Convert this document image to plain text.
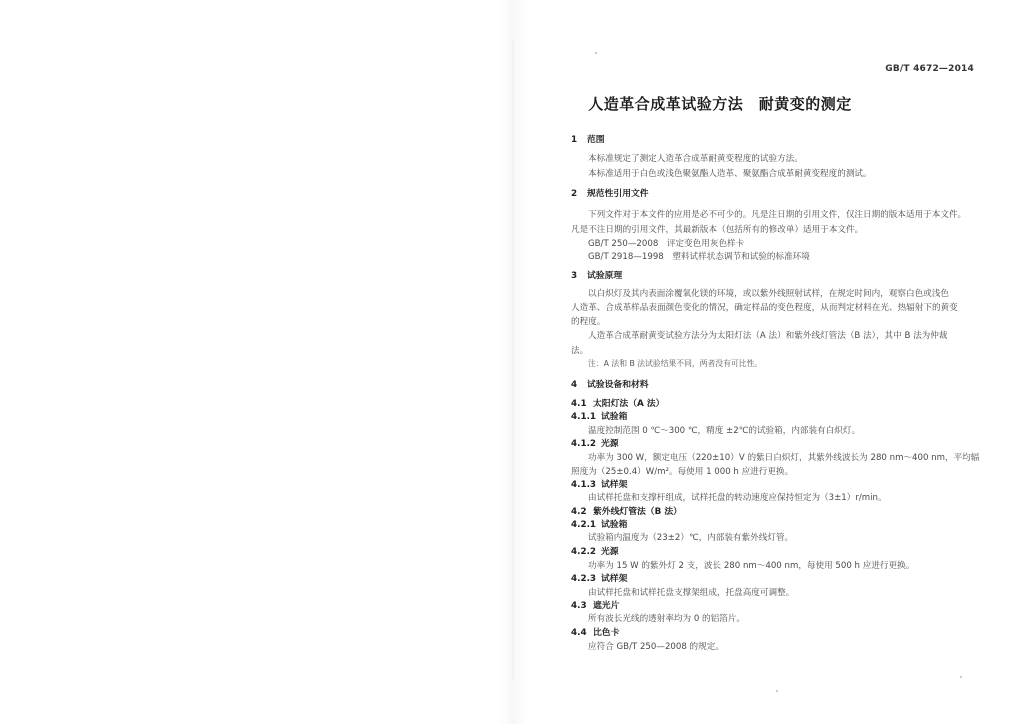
GB/T 4672—2014
人造革合成革试验方法　耐黄变的测定
1 范围
本标准规定了测定人造革合成革耐黄变程度的试验方法。
本标准适用于白色或浅色聚氨酯人造革、聚氨酯合成革耐黄变程度的测试。
2 规范性引用文件
下列文件对于本文件的应用是必不可少的。凡是注日期的引用文件，仅注日期的版本适用于本文件。
凡是不注日期的引用文件，其最新版本（包括所有的修改单）适用于本文件。
GB/T 250—2008　评定变色用灰色样卡
GB/T 2918—1998　塑料试样状态调节和试验的标准环境
3 试验原理
以白炽灯及其内表面涂覆氧化镁的环境，或以紫外线照射试样，在规定时间内，观察白色或浅色
人造革、合成革样品表面颜色变化的情况，确定样品的变色程度，从而判定材料在光、热辐射下的黄变
的程度。
人造革合成革耐黄变试验方法分为太阳灯法（A 法）和紫外线灯管法（B 法），其中 B 法为仲裁
法。
注：A 法和 B 法试验结果不同，两者没有可比性。
4 试验设备和材料
4.1 太阳灯法（A 法）
4.1.1 试验箱
温度控制范围 0 ℃～300 ℃，精度 ±2℃的试验箱，内部装有白炽灯。
4.1.2 光源
功率为 300 W，额定电压（220±10）V 的紫日白炽灯，其紫外线波长为 280 nm～400 nm，平均辐
照度为（25±0.4）W/m²。每使用 1 000 h 应进行更换。
4.1.3 试样架
由试样托盘和支撑杆组成，试样托盘的转动速度应保持恒定为（3±1）r/min。
4.2 紫外线灯管法（B 法）
4.2.1 试验箱
试验箱内温度为（23±2）℃，内部装有紫外线灯管。
4.2.2 光源
功率为 15 W 的紫外灯 2 支，波长 280 nm～400 nm，每使用 500 h 应进行更换。
4.2.3 试样架
由试样托盘和试样托盘支撑架组成，托盘高度可调整。
4.3 遮光片
所有波长光线的透射率均为 0 的铝箔片。
4.4 比色卡
应符合 GB/T 250—2008 的规定。
